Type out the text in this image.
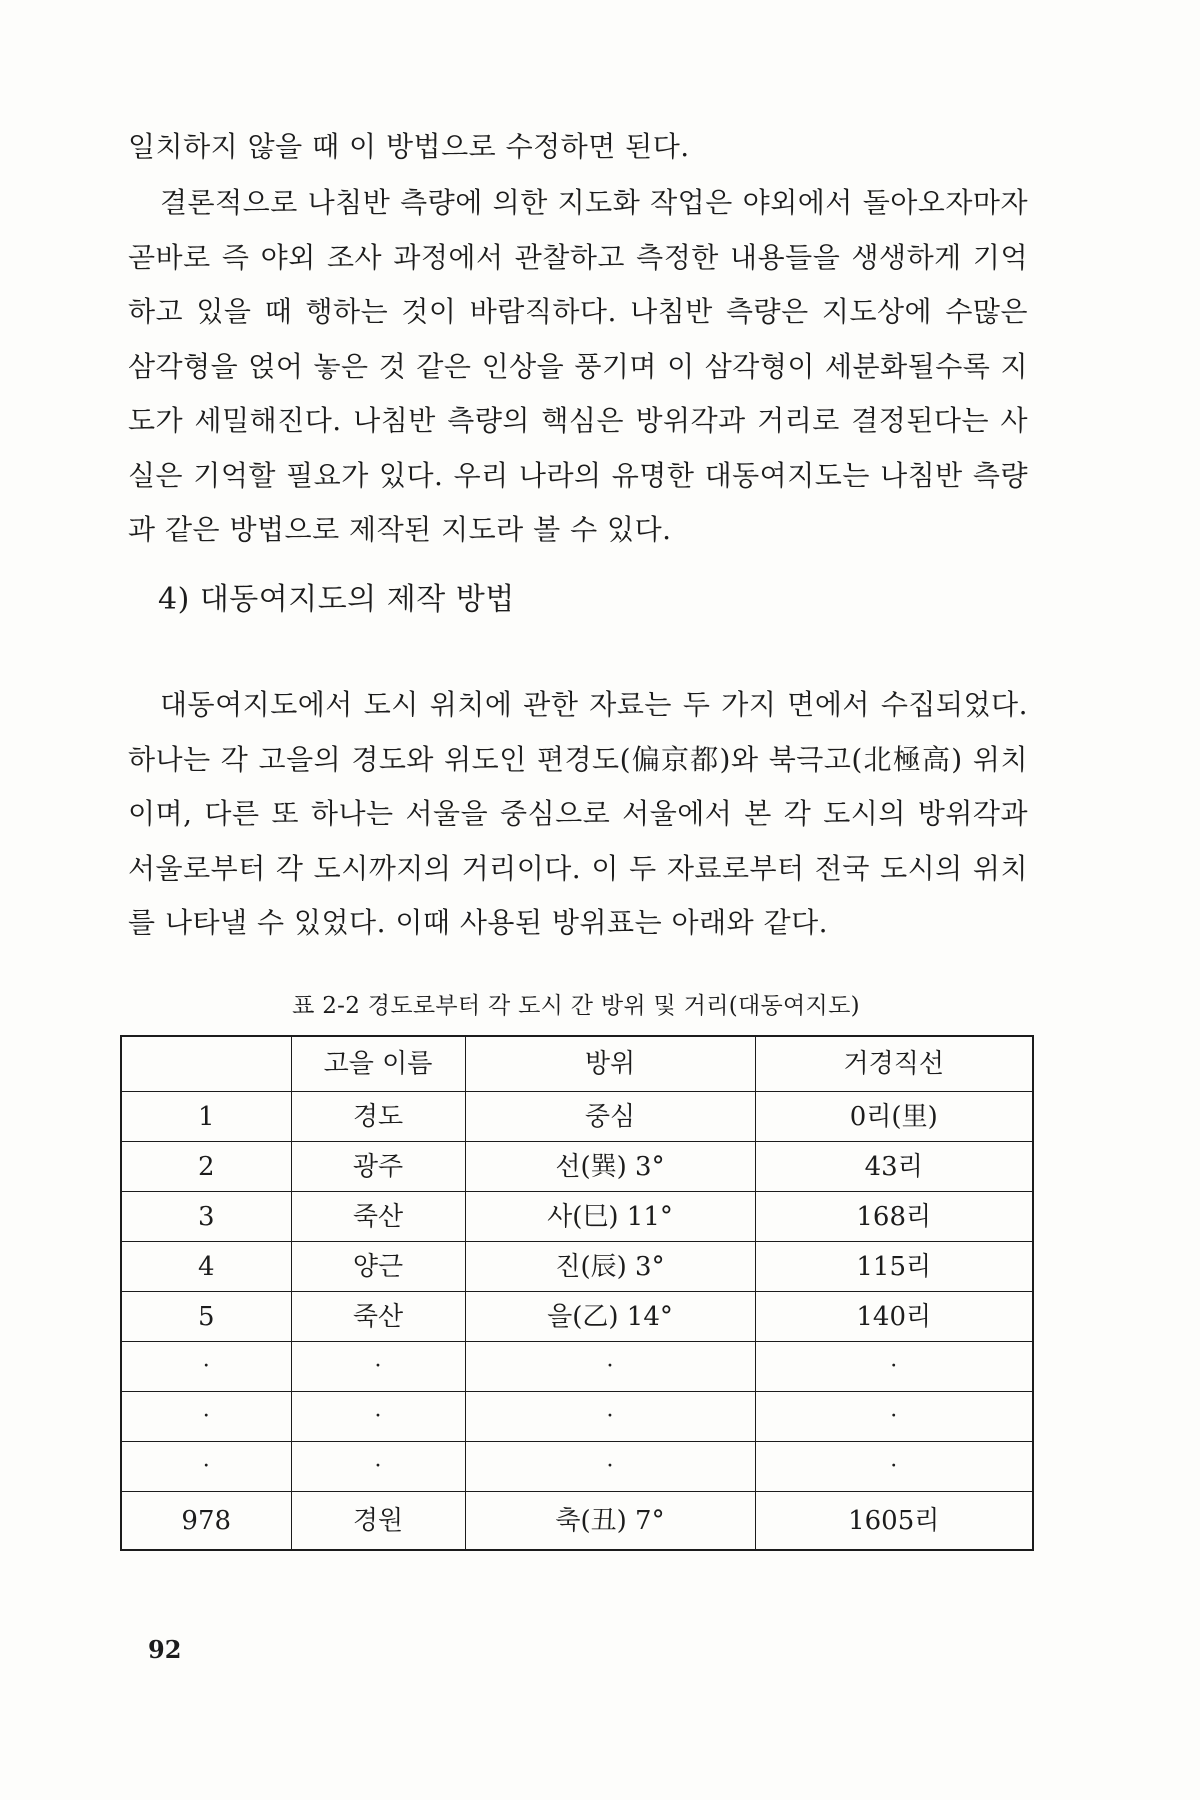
일치하지 않을 때 이 방법으로 수정하면 된다.

결론적으로 나침반 측량에 의한 지도화 작업은 야외에서 돌아오자마자 곧바로 즉 야외 조사 과정에서 관찰하고 측정한 내용들을 생생하게 기억하고 있을 때 행하는 것이 바람직하다. 나침반 측량은 지도상에 수많은 삼각형을 얹어 놓은 것 같은 인상을 풍기며 이 삼각형이 세분화될수록 지도가 세밀해진다. 나침반 측량의 핵심은 방위각과 거리로 결정된다는 사실은 기억할 필요가 있다. 우리 나라의 유명한 대동여지도는 나침반 측량과 같은 방법으로 제작된 지도라 볼 수 있다.

4) 대동여지도의 제작 방법

대동여지도에서 도시 위치에 관한 자료는 두 가지 면에서 수집되었다. 하나는 각 고을의 경도와 위도인 편경도(偏京都)와 북극고(北極高) 위치이며, 다른 또 하나는 서울을 중심으로 서울에서 본 각 도시의 방위각과 서울로부터 각 도시까지의 거리이다. 이 두 자료로부터 전국 도시의 위치를 나타낼 수 있었다. 이때 사용된 방위표는 아래와 같다.

표 2-2 경도로부터 각 도시 간 방위 및 거리(대동여지도)

	고을 이름	방위	거경직선
1	경도	중심	0리(里)
2	광주	선(巽) 3°	43리
3	죽산	사(巳) 11°	168리
4	양근	진(辰) 3°	115리
5	죽산	을(乙) 14°	140리
·	·	·	·
·	·	·	·
·	·	·	·
978	경원	축(丑) 7°	1605리

92
